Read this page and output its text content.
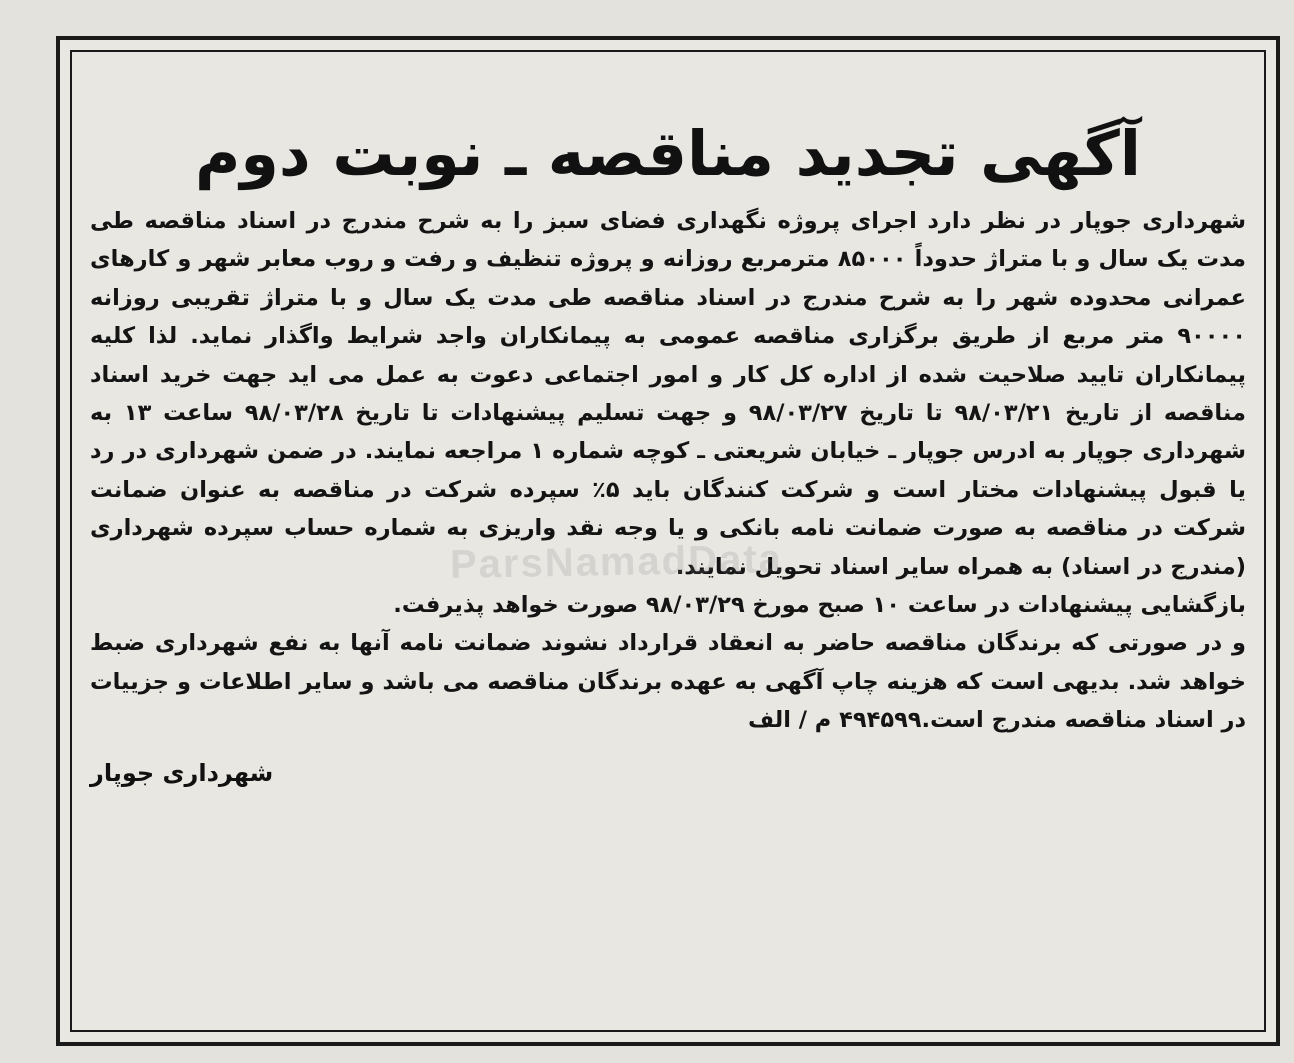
آگهی تجدید مناقصه ـ نوبت دوم

شهرداری جوپار در نظر دارد اجرای پروژه نگهداری فضای سبز را به شرح مندرج در اسناد مناقصه طی مدت یک سال و با متراژ حدوداً ۸۵۰۰۰ مترمربع روزانه و پروژه تنظیف و رفت و روب معابر شهر و کارهای عمرانی محدوده شهر را به شرح مندرج در اسناد مناقصه طی مدت یک سال و با متراژ تقریبی روزانه ۹۰۰۰۰ متر مربع از طریق برگزاری مناقصه عمومی به پیمانکاران واجد شرایط واگذار نماید. لذا کلیه پیمانکاران تایید صلاحیت شده از اداره کل کار و امور اجتماعی دعوت به عمل می اید جهت خرید اسناد مناقصه از تاریخ ۹۸/۰۳/۲۱ تا تاریخ ۹۸/۰۳/۲۷ و جهت تسلیم پیشنهادات تا تاریخ ۹۸/۰۳/۲۸ ساعت ۱۳ به شهرداری جوپار به ادرس جوپار ـ خیابان شریعتی ـ کوچه شماره ۱ مراجعه نمایند. در ضمن شهرداری در رد یا قبول پیشنهادات مختار است و شرکت کنندگان باید ۵٪ سپرده شرکت در مناقصه به عنوان ضمانت شرکت در مناقصه به صورت ضمانت نامه بانکی و یا وجه نقد واریزی به شماره حساب سپرده شهرداری (مندرج در اسناد) به همراه سایر اسناد تحویل نمایند.

بازگشایی پیشنهادات در ساعت ۱۰ صبح مورخ ۹۸/۰۳/۲۹ صورت خواهد پذیرفت.

و در صورتی که برندگان مناقصه حاضر به انعقاد قرارداد نشوند ضمانت نامه آنها به نفع شهرداری ضبط خواهد شد. بدیهی است که هزینه چاپ آگهی به عهده برندگان مناقصه می باشد و سایر اطلاعات و جزییات در اسناد مناقصه مندرج است.۴۹۴۵۹۹ م / الف

شهرداری جوپار
